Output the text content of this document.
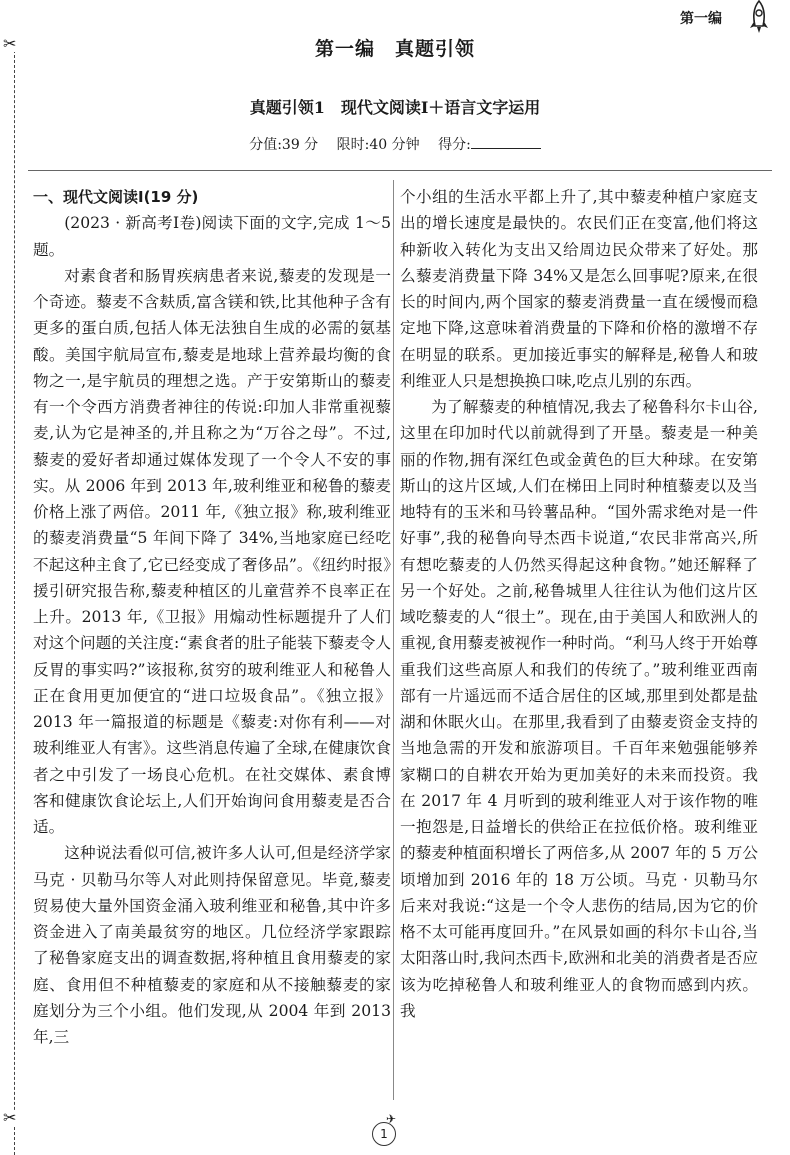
第一编
✂
✂
第一编　真题引领
真题引领1　现代文阅读Ⅰ＋语言文字运用
分值:39 分　 限时:40 分钟　 得分:

一、现代文阅读Ⅰ(19 分)

(2023 · 新高考Ⅰ卷)阅读下面的文字,完成 1～5 题。

对素食者和肠胃疾病患者来说,藜麦的发现是一个奇迹。藜麦不含麸质,富含镁和铁,比其他种子含有更多的蛋白质,包括人体无法独自生成的必需的氨基酸。美国宇航局宣布,藜麦是地球上营养最均衡的食物之一,是宇航员的理想之选。产于安第斯山的藜麦有一个令西方消费者神往的传说:印加人非常重视藜麦,认为它是神圣的,并且称之为“万谷之母”。不过,藜麦的爱好者却通过媒体发现了一个令人不安的事实。从 2006 年到 2013 年,玻利维亚和秘鲁的藜麦价格上涨了两倍。2011 年,《独立报》称,玻利维亚的藜麦消费量“5 年间下降了 34%,当地家庭已经吃不起这种主食了,它已经变成了奢侈品”。《纽约时报》援引研究报告称,藜麦种植区的儿童营养不良率正在上升。2013 年,《卫报》用煽动性标题提升了人们对这个问题的关注度:“素食者的肚子能装下藜麦令人反胃的事实吗?”该报称,贫穷的玻利维亚人和秘鲁人正在食用更加便宜的“进口垃圾食品”。《独立报》2013 年一篇报道的标题是《藜麦:对你有利——对玻利维亚人有害》。这些消息传遍了全球,在健康饮食者之中引发了一场良心危机。在社交媒体、素食博客和健康饮食论坛上,人们开始询问食用藜麦是否合适。

这种说法看似可信,被许多人认可,但是经济学家马克 · 贝勒马尔等人对此则持保留意见。毕竟,藜麦贸易使大量外国资金涌入玻利维亚和秘鲁,其中许多资金进入了南美最贫穷的地区。几位经济学家跟踪了秘鲁家庭支出的调查数据,将种植且食用藜麦的家庭、食用但不种植藜麦的家庭和从不接触藜麦的家庭划分为三个小组。他们发现,从 2004 年到 2013 年,三

个小组的生活水平都上升了,其中藜麦种植户家庭支出的增长速度是最快的。农民们正在变富,他们将这种新收入转化为支出又给周边民众带来了好处。那么藜麦消费量下降 34%又是怎么回事呢?原来,在很长的时间内,两个国家的藜麦消费量一直在缓慢而稳定地下降,这意味着消费量的下降和价格的激增不存在明显的联系。更加接近事实的解释是,秘鲁人和玻利维亚人只是想换换口味,吃点儿别的东西。

为了解藜麦的种植情况,我去了秘鲁科尔卡山谷,这里在印加时代以前就得到了开垦。藜麦是一种美丽的作物,拥有深红色或金黄色的巨大种球。在安第斯山的这片区域,人们在梯田上同时种植藜麦以及当地特有的玉米和马铃薯品种。“国外需求绝对是一件好事”,我的秘鲁向导杰西卡说道,“农民非常高兴,所有想吃藜麦的人仍然买得起这种食物。”她还解释了另一个好处。之前,秘鲁城里人往往认为他们这片区域吃藜麦的人“很土”。现在,由于美国人和欧洲人的重视,食用藜麦被视作一种时尚。“利马人终于开始尊重我们这些高原人和我们的传统了。”玻利维亚西南部有一片遥远而不适合居住的区域,那里到处都是盐湖和休眠火山。在那里,我看到了由藜麦资金支持的当地急需的开发和旅游项目。千百年来勉强能够养家糊口的自耕农开始为更加美好的未来而投资。我在 2017 年 4 月听到的玻利维亚人对于该作物的唯一抱怨是,日益增长的供给正在拉低价格。玻利维亚的藜麦种植面积增长了两倍多,从 2007 年的 5 万公顷增加到 2016 年的 18 万公顷。马克 · 贝勒马尔后来对我说:“这是一个令人悲伤的结局,因为它的价格不太可能再度回升。”在风景如画的科尔卡山谷,当太阳落山时,我问杰西卡,欧洲和北美的消费者是否应该为吃掉秘鲁人和玻利维亚人的食物而感到内疚。我

✈
1
